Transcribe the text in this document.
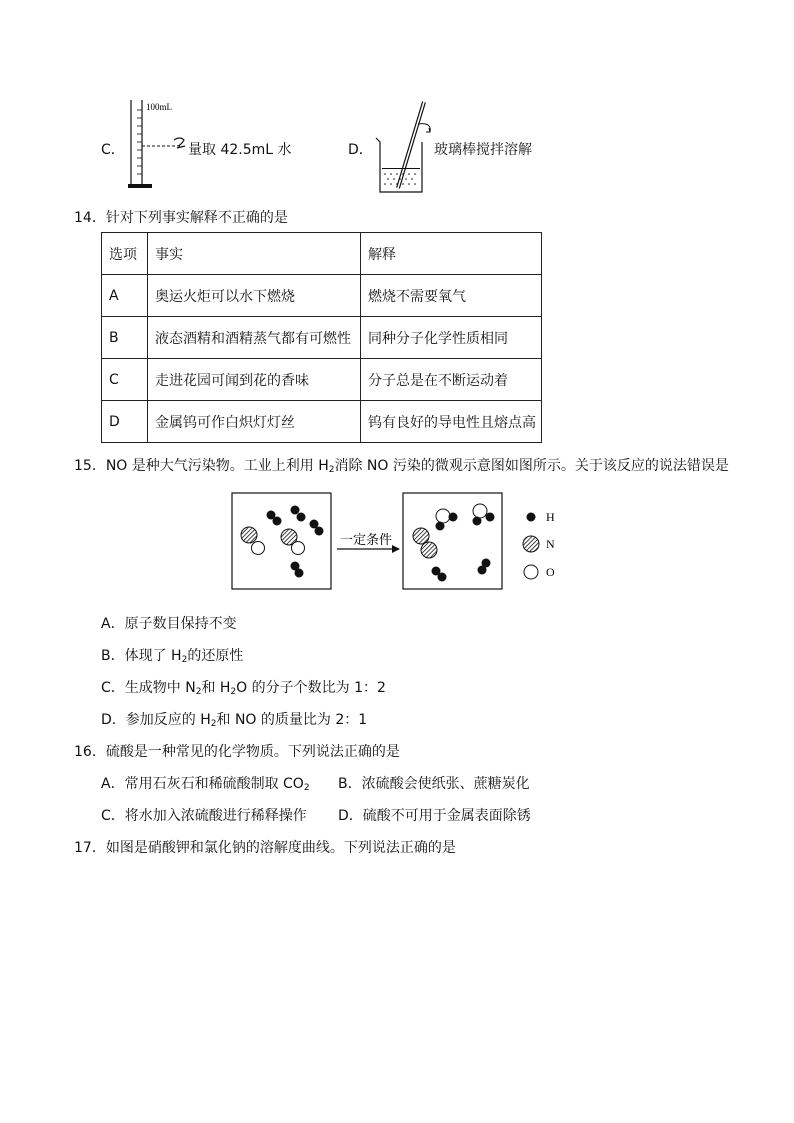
C．
100mL
量取 42.5mL 水	D．	玻璃棒搅拌溶解
14．针对下列事实解释不正确的是
选项	事实	解释
A	奥运火炬可以水下燃烧	燃烧不需要氧气
B	液态酒精和酒精蒸气都有可燃性	同种分子化学性质相同
C	走进花园可闻到花的香味	分子总是在不断运动着
D	金属钨可作白炽灯灯丝	钨有良好的导电性且熔点高
15．NO 是种大气污染物。工业上利用 $H_2$消除 NO 污染的微观示意图如图所示。关于该反应的说法错误是
一定条件
H
N
O
A．原子数目保持不变
B．体现了 $H_2$的还原性
C．生成物中 $N_2$和 $H_2O$ 的分子个数比为 1：2
D．参加反应的 $H_2$和 NO 的质量比为 2：1
16．硫酸是一种常见的化学物质。下列说法正确的是
A．常用石灰石和稀硫酸制取 $CO_2$ B．浓硫酸会使纸张、蔗糖炭化
C．将水加入浓硫酸进行稀释操作 D．硫酸不可用于金属表面除锈
17．如图是硝酸钾和氯化钠的溶解度曲线。下列说法正确的是
